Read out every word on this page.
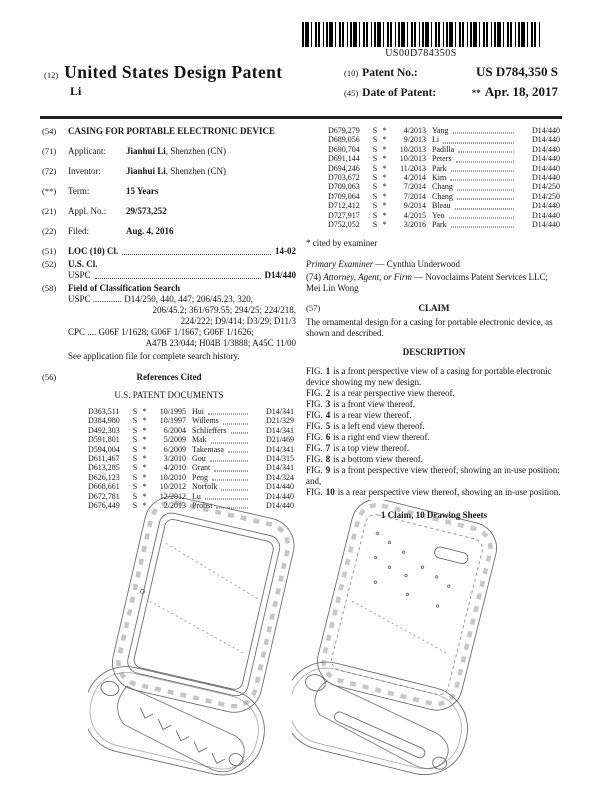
US00D784350S
(12) United States Design Patent
Li
(10) Patent No.:	US D784,350 S
(45) Date of Patent:	** Apr. 18, 2017
(54)	CASING FOR PORTABLE ELECTRONIC DEVICE
(71)	Applicant:	Jianhui Li, Shenzhen (CN)
(72)	Inventor:	Jianhui Li, Shenzhen (CN)
(**)	Term:	15 Years
(21)	Appl. No.:	29/573,252
(22)	Filed:	Aug. 4, 2016
(51)	LOC (10) Cl.	14-02
(52)	U.S. Cl.
USPC	D14/440
(58)	Field of Classification Search
USPC ............. D14/250, 440, 447; 206/45.23, 320,
206/45.2; 361/679.55; 294/25; 224/218,
224/222; D9/414; D3/29; D11/3
CPC .... G06F 1/1628; G06F 1/1667; G06F 1/1626;
A47B 23/044; H04B 1/3888; A45C 11/00
See application file for complete search history.
(56)	References Cited
U.S. PATENT DOCUMENTS
D363,511	S *	10/1995 Hui	D14/341
D384,980	S *	10/1997 Willems	D21/329
D492,303	S *	6/2004 Schlieffers	D14/341
D591,801	S *	5/2009 Mak	D21/469
D594,004	S *	6/2009 Takemasa	D14/341
D611,467	S *	3/2010 Gou	D14/315
D613,285	S *	4/2010 Grant	D14/341
D626,123	S *	10/2010 Peng	D14/324
D668,661	S *	10/2012 Norfolk	D14/440
D672,781	S *	12/2012 Lu	D14/440
D676,449	S *	2/2013 Probst	D14/440
D679,279	S *	4/2013 Yang	D14/440
D689,056	S *	9/2013 Li	D14/440
D690,704	S *	10/2013 Padilla	D14/440
D691,144	S *	10/2013 Peters	D14/440
D694,246	S *	11/2013 Park	D14/440
D703,672	S *	4/2014 Kim	D14/440
D709,063	S *	7/2014 Chang	D14/250
D709,064	S *	7/2014 Chang	D14/250
D712,412	S *	9/2014 Bleau	D14/440
D727,917	S *	4/2015 Yeo	D14/440
D752,052	S *	3/2016 Park	D14/440
* cited by examiner
Primary Examiner — Cynthia Underwood
(74) Attorney, Agent, or Firm — Novoclaims Patent Services LLC; Mei Lin Wong
(57)	CLAIM
The ornamental design for a casing for portable electronic device, as shown and described.
DESCRIPTION
FIG. 1 is a front perspective view of a casing for portable electronic device showing my new design.
FIG. 2 is a rear perspective view thereof.
FIG. 3 is a front view thereof.
FIG. 4 is a rear view thereof.
FIG. 5 is a left end view thereof.
FIG. 6 is a right end view thereof.
FIG. 7 is a top view thereof.
FIG. 8 is a bottom view thereof.
FIG. 9 is a front perspective view thereof, showing an in-use position; and,
FIG. 10 is a rear perspective view thereof, showing an in-use position.
1 Claim, 10 Drawing Sheets
